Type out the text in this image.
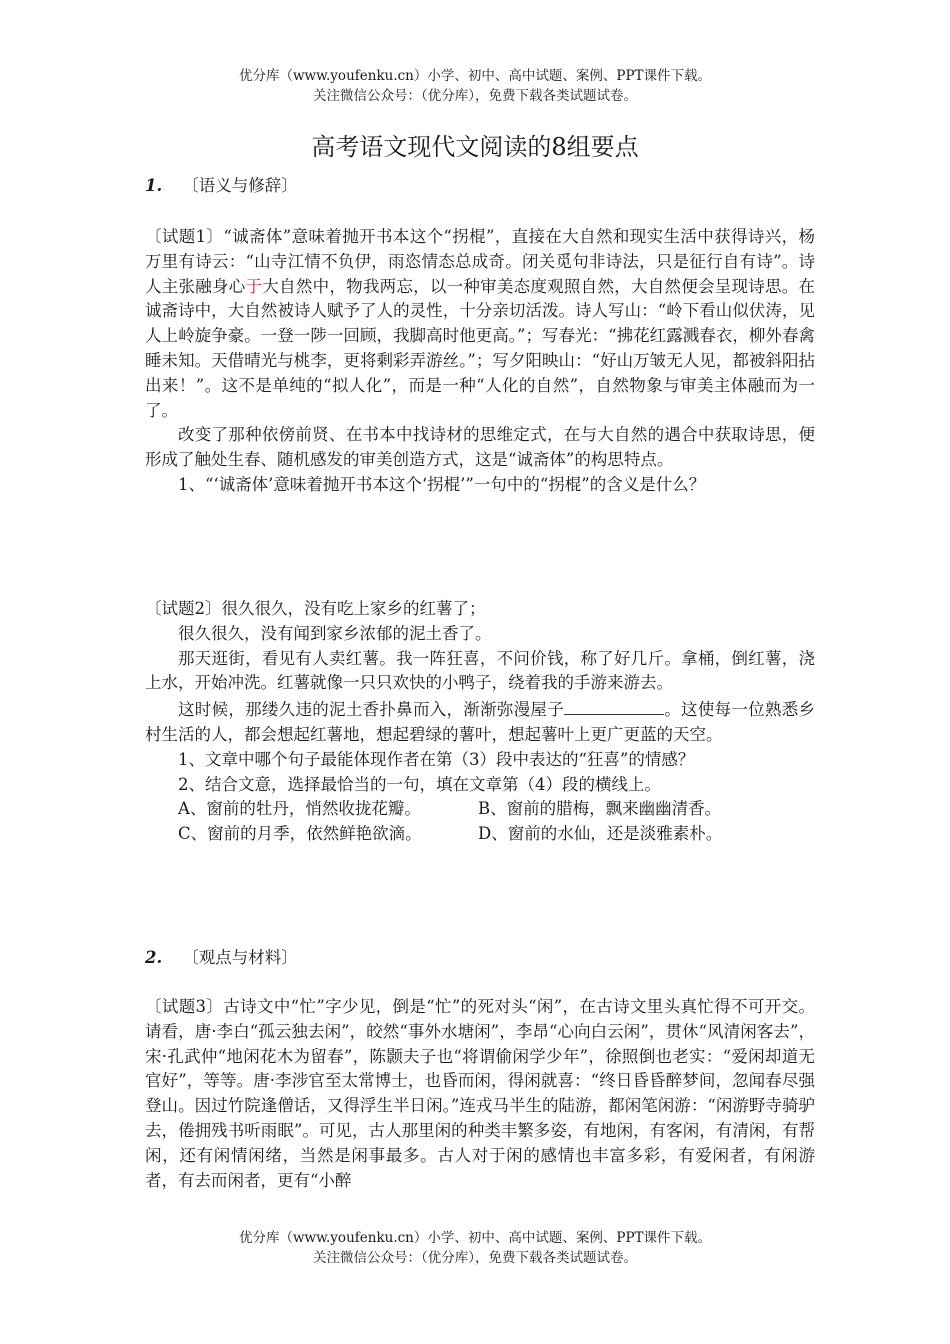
优分库（www.youfenku.cn）小学、初中、高中试题、案例、PPT课件下载。
关注微信公众号：（优分库），免费下载各类试题试卷。
高考语文现代文阅读的8组要点
1. 〔语义与修辞〕

〔试题1〕“诚斋体”意味着抛开书本这个“拐棍”，直接在大自然和现实生活中获得诗兴，杨万里有诗云：“山寺江情不负伊，雨恣情态总成奇。闭关觅句非诗法，只是征行自有诗”。诗人主张融身心于大自然中，物我两忘，以一种审美态度观照自然，大自然便会呈现诗思。在诚斋诗中，大自然被诗人赋予了人的灵性，十分亲切活泼。诗人写山：“岭下看山似伏涛，见人上岭旋争豪。一登一陟一回顾，我脚高时他更高。”；写春光：“拂花红露溅春衣，柳外春禽睡未知。天借晴光与桃李，更将剩彩弄游丝。”；写夕阳映山：“好山万皱无人见，都被斜阳拈出来！”。这不是单纯的“拟人化”，而是一种“人化的自然”，自然物象与审美主体融而为一了。

改变了那种依傍前贤、在书本中找诗材的思维定式，在与大自然的遇合中获取诗思，便形成了触处生春、随机感发的审美创造方式，这是“诚斋体”的构思特点。

1、“‘诚斋体’意味着抛开书本这个‘拐棍’”一句中的“拐棍”的含义是什么？

〔试题2〕很久很久，没有吃上家乡的红薯了；

很久很久，没有闻到家乡浓郁的泥土香了。

那天逛街，看见有人卖红薯。我一阵狂喜，不问价钱，称了好几斤。拿桶，倒红薯，浇上水，开始冲洗。红薯就像一只只欢快的小鸭子，绕着我的手游来游去。

这时候，那缕久违的泥土香扑鼻而入，渐渐弥漫屋子	。这使每一位熟悉乡村生活的人，都会想起红薯地，想起碧绿的薯叶，想起薯叶上更广更蓝的天空。

1、文章中哪个句子最能体现作者在第（3）段中表达的“狂喜”的情感？

2、结合文意，选择最恰当的一句，填在文章第（4）段的横线上。

A、窗前的牡丹，悄然收拢花瓣。	B、窗前的腊梅，飘来幽幽清香。

C、窗前的月季，依然鲜艳欲滴。	D、窗前的水仙，还是淡雅素朴。

2. 〔观点与材料〕

〔试题3〕古诗文中“忙”字少见，倒是“忙”的死对头“闲”，在古诗文里头真忙得不可开交。请看，唐·李白“孤云独去闲”，皎然“事外水塘闲”，李昂“心向白云闲”，贯休“风清闲客去”，宋·孔武仲“地闲花木为留春”，陈颢夫子也“将谓偷闲学少年”，徐照倒也老实：“爱闲却道无官好”，等等。唐·李涉官至太常博士，也昏而闲，得闲就喜：“终日昏昏醉梦间，忽闻春尽强登山。因过竹院逢僧话，又得浮生半日闲。”连戎马半生的陆游，都闲笔闲游：“闲游野寺骑驴去，倦拥残书听雨眠”。可见，古人那里闲的种类丰繁多姿，有地闲，有客闲，有清闲，有帮闲，还有闲情闲绪，当然是闲事最多。古人对于闲的感情也丰富多彩，有爱闲者，有闲游者，有去而闲者，更有“小醉

优分库（www.youfenku.cn）小学、初中、高中试题、案例、PPT课件下载。
关注微信公众号：（优分库），免费下载各类试题试卷。
